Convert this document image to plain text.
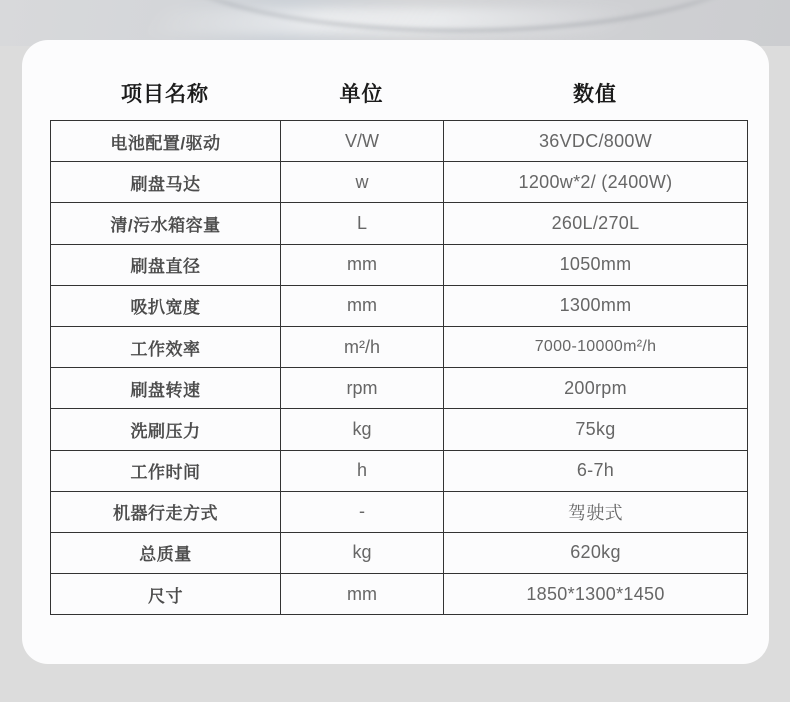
项目名称	单位	数值
电池配置/驱动	V/W	36VDC/800W
刷盘马达	w	1200w*2/ (2400W)
清/污水箱容量	L	260L/270L
刷盘直径	mm	1050mm
吸扒宽度	mm	1300mm
工作效率	m²/h	7000-10000m²/h
刷盘转速	rpm	200rpm
洗刷压力	kg	75kg
工作时间	h	6-7h
机器行走方式	-	驾驶式
总质量	kg	620kg
尺寸	mm	1850*1300*1450
